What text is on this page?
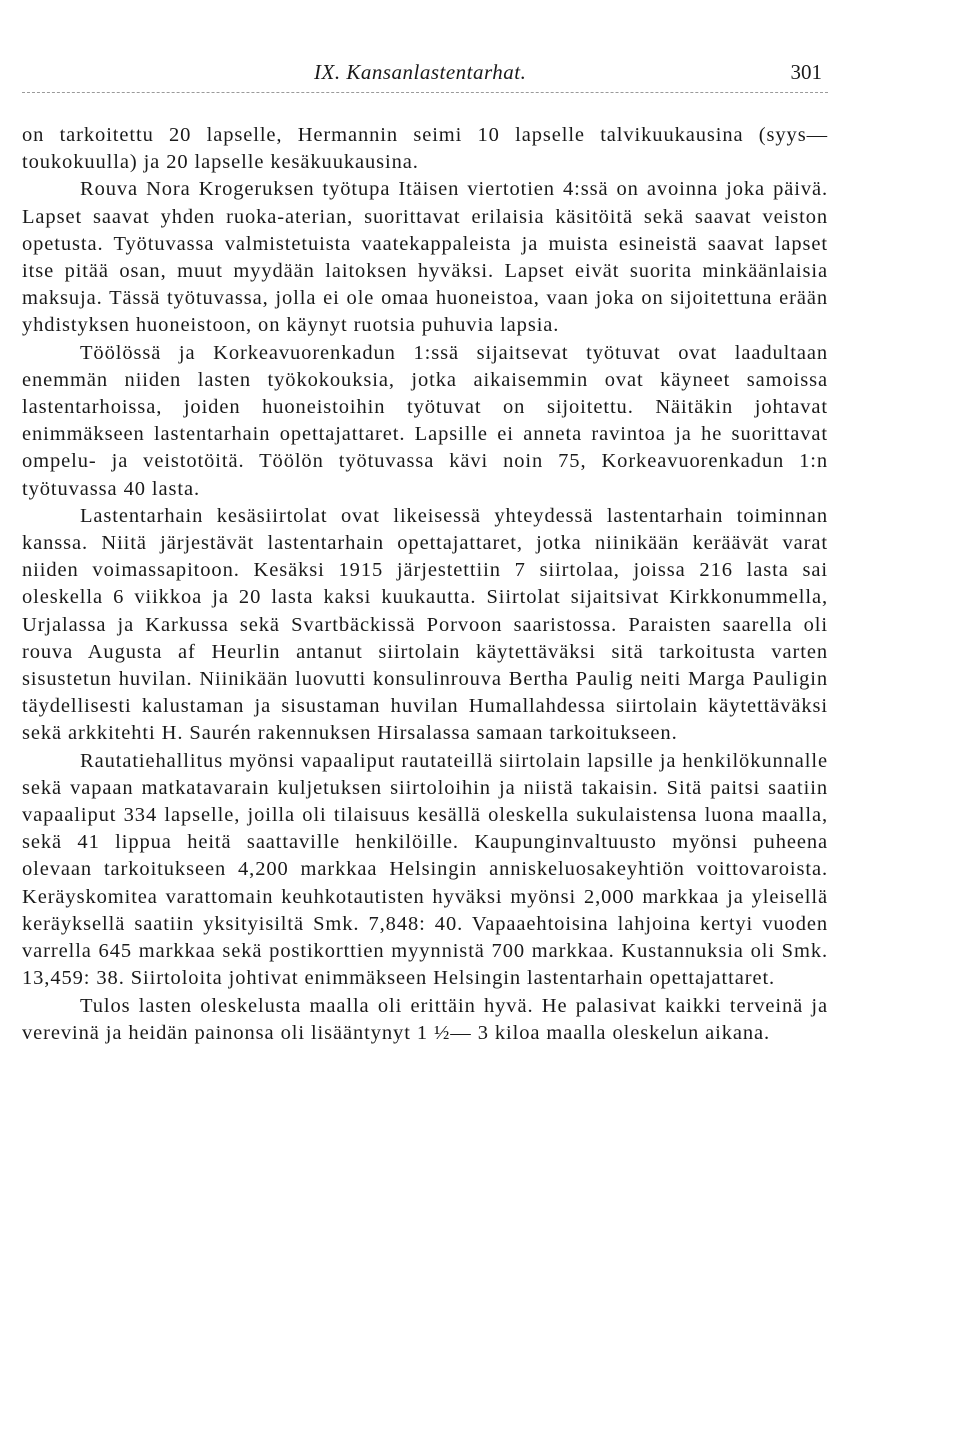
IX. Kansanlastentarhat.	301

on tarkoitettu 20 lapselle, Hermannin seimi 10 lapselle talvikuukausina (syys—toukokuulla) ja 20 lapselle kesäkuukausina.

Rouva Nora Krogeruksen työtupa Itäisen viertotien 4:ssä on avoinna joka päivä. Lapset saavat yhden ruoka-aterian, suorittavat erilaisia käsitöitä sekä saavat veiston opetusta. Työtuvassa valmistetuista vaatekappaleista ja muista esineistä saavat lapset itse pitää osan, muut myydään laitoksen hyväksi. Lapset eivät suorita minkäänlaisia maksuja. Tässä työtuvassa, jolla ei ole omaa huoneistoa, vaan joka on sijoitettuna erään yhdistyksen huoneistoon, on käynyt ruotsia puhuvia lapsia.

Töölössä ja Korkeavuorenkadun 1:ssä sijaitsevat työtuvat ovat laadultaan enemmän niiden lasten työkokouksia, jotka aikaisemmin ovat käyneet samoissa lastentarhoissa, joiden huoneistoihin työtuvat on sijoitettu. Näitäkin johtavat enimmäkseen lastentarhain opettajattaret. Lapsille ei anneta ravintoa ja he suorittavat ompelu- ja veistotöitä. Töölön työtuvassa kävi noin 75, Korkeavuorenkadun 1:n työtuvassa 40 lasta.

Lastentarhain kesäsiirtolat ovat likeisessä yhteydessä lastentarhain toiminnan kanssa. Niitä järjestävät lastentarhain opettajattaret, jotka niinikään keräävät varat niiden voimassapitoon. Kesäksi 1915 järjestettiin 7 siirtolaa, joissa 216 lasta sai oleskella 6 viikkoa ja 20 lasta kaksi kuukautta. Siirtolat sijaitsivat Kirkkonummella, Urjalassa ja Karkussa sekä Svartbäckissä Porvoon saaristossa. Paraisten saarella oli rouva Augusta af Heurlin antanut siirtolain käytettäväksi sitä tarkoitusta varten sisustetun huvilan. Niinikään luovutti konsulinrouva Bertha Paulig neiti Marga Pauligin täydellisesti kalustaman ja sisustaman huvilan Humallahdessa siirtolain käytettäväksi sekä arkkitehti H. Saurén rakennuksen Hirsalassa samaan tarkoitukseen.

Rautatiehallitus myönsi vapaaliput rautateillä siirtolain lapsille ja henkilökunnalle sekä vapaan matkatavarain kuljetuksen siirtoloihin ja niistä takaisin. Sitä paitsi saatiin vapaaliput 334 lapselle, joilla oli tilaisuus kesällä oleskella sukulaistensa luona maalla, sekä 41 lippua heitä saattaville henkilöille. Kaupunginvaltuusto myönsi puheena olevaan tarkoitukseen 4,200 markkaa Helsingin anniskeluosakeyhtiön voittovaroista. Keräyskomitea varattomain keuhkotautisten hyväksi myönsi 2,000 markkaa ja yleisellä keräyksellä saatiin yksityisiltä Smk. 7,848: 40. Vapaaehtoisina lahjoina kertyi vuoden varrella 645 markkaa sekä postikorttien myynnistä 700 markkaa. Kustannuksia oli Smk. 13,459: 38. Siirtoloita johtivat enimmäkseen Helsingin lastentarhain opettajattaret.

Tulos lasten oleskelusta maalla oli erittäin hyvä. He palasivat kaikki terveinä ja verevinä ja heidän painonsa oli lisääntynyt 1 ½— 3 kiloa maalla oleskelun aikana.
